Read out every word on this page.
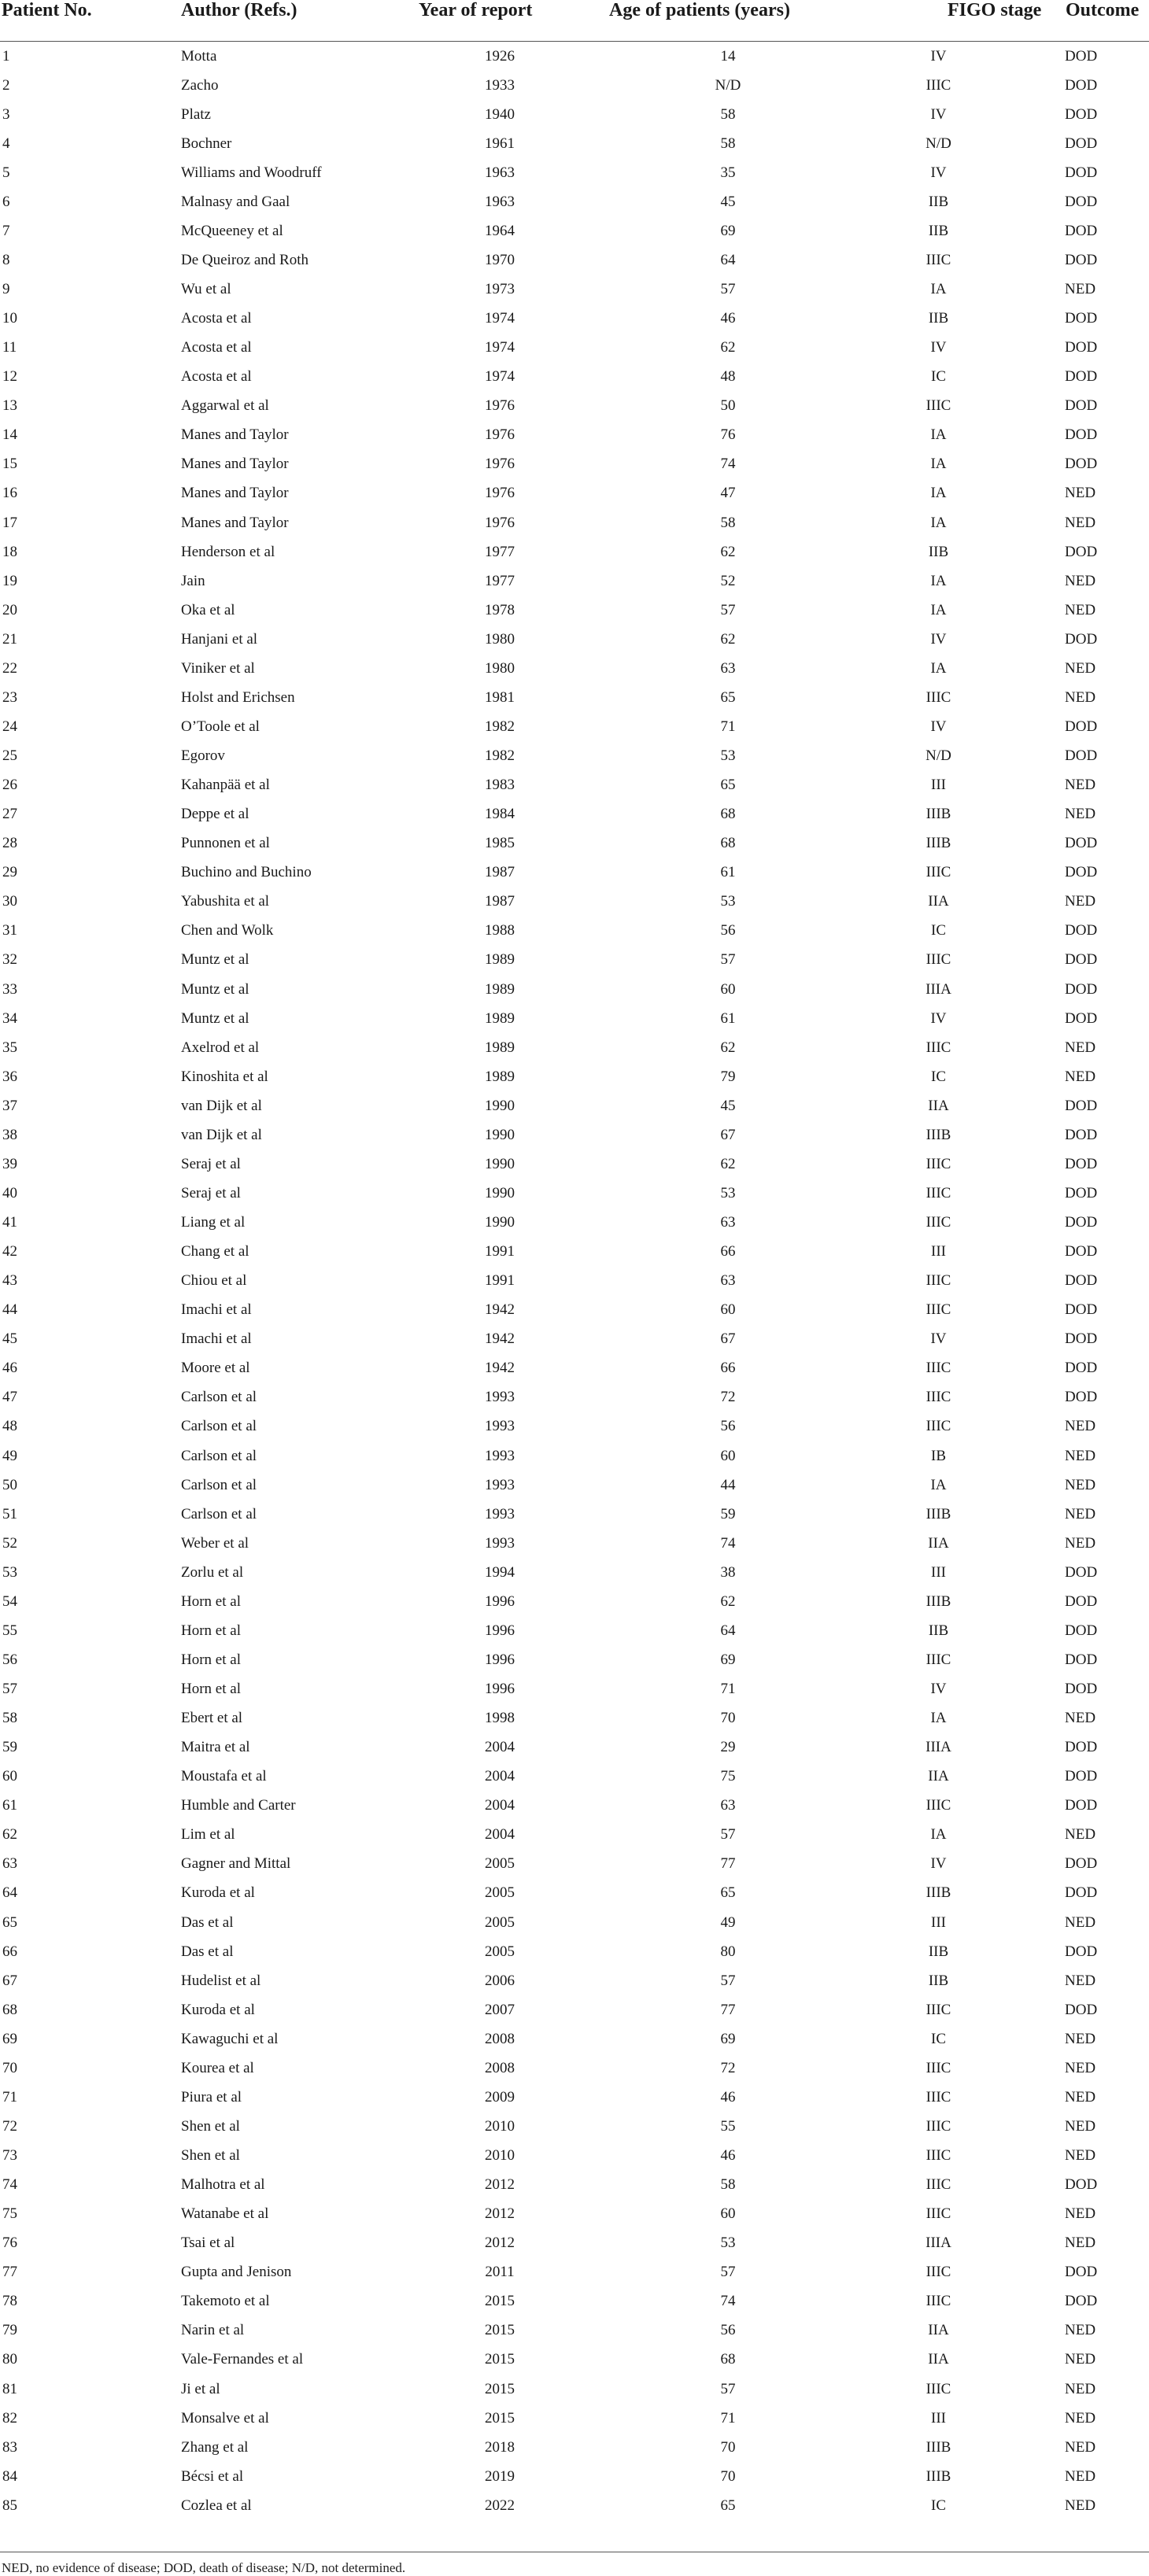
Patient No.	Author (Refs.)	Year of report	Age of patients (years)	FIGO stage	Outcome
1	Motta	1926	14	IV	DOD
2	Zacho	1933	N/D	IIIC	DOD
3	Platz	1940	58	IV	DOD
4	Bochner	1961	58	N/D	DOD
5	Williams and Woodruff	1963	35	IV	DOD
6	Malnasy and Gaal	1963	45	IIB	DOD
7	McQueeney et al	1964	69	IIB	DOD
8	De Queiroz and Roth	1970	64	IIIC	DOD
9	Wu et al	1973	57	IA	NED
10	Acosta et al	1974	46	IIB	DOD
11	Acosta et al	1974	62	IV	DOD
12	Acosta et al	1974	48	IC	DOD
13	Aggarwal et al	1976	50	IIIC	DOD
14	Manes and Taylor	1976	76	IA	DOD
15	Manes and Taylor	1976	74	IA	DOD
16	Manes and Taylor	1976	47	IA	NED
17	Manes and Taylor	1976	58	IA	NED
18	Henderson et al	1977	62	IIB	DOD
19	Jain	1977	52	IA	NED
20	Oka et al	1978	57	IA	NED
21	Hanjani et al	1980	62	IV	DOD
22	Viniker et al	1980	63	IA	NED
23	Holst and Erichsen	1981	65	IIIC	NED
24	O’Toole et al	1982	71	IV	DOD
25	Egorov	1982	53	N/D	DOD
26	Kahanpää et al	1983	65	III	NED
27	Deppe et al	1984	68	IIIB	NED
28	Punnonen et al	1985	68	IIIB	DOD
29	Buchino and Buchino	1987	61	IIIC	DOD
30	Yabushita et al	1987	53	IIA	NED
31	Chen and Wolk	1988	56	IC	DOD
32	Muntz et al	1989	57	IIIC	DOD
33	Muntz et al	1989	60	IIIA	DOD
34	Muntz et al	1989	61	IV	DOD
35	Axelrod et al	1989	62	IIIC	NED
36	Kinoshita et al	1989	79	IC	NED
37	van Dijk et al	1990	45	IIA	DOD
38	van Dijk et al	1990	67	IIIB	DOD
39	Seraj et al	1990	62	IIIC	DOD
40	Seraj et al	1990	53	IIIC	DOD
41	Liang et al	1990	63	IIIC	DOD
42	Chang et al	1991	66	III	DOD
43	Chiou et al	1991	63	IIIC	DOD
44	Imachi et al	1942	60	IIIC	DOD
45	Imachi et al	1942	67	IV	DOD
46	Moore et al	1942	66	IIIC	DOD
47	Carlson et al	1993	72	IIIC	DOD
48	Carlson et al	1993	56	IIIC	NED
49	Carlson et al	1993	60	IB	NED
50	Carlson et al	1993	44	IA	NED
51	Carlson et al	1993	59	IIIB	NED
52	Weber et al	1993	74	IIA	NED
53	Zorlu et al	1994	38	III	DOD
54	Horn et al	1996	62	IIIB	DOD
55	Horn et al	1996	64	IIB	DOD
56	Horn et al	1996	69	IIIC	DOD
57	Horn et al	1996	71	IV	DOD
58	Ebert et al	1998	70	IA	NED
59	Maitra et al	2004	29	IIIA	DOD
60	Moustafa et al	2004	75	IIA	DOD
61	Humble and Carter	2004	63	IIIC	DOD
62	Lim et al	2004	57	IA	NED
63	Gagner and Mittal	2005	77	IV	DOD
64	Kuroda et al	2005	65	IIIB	DOD
65	Das et al	2005	49	III	NED
66	Das et al	2005	80	IIB	DOD
67	Hudelist et al	2006	57	IIB	NED
68	Kuroda et al	2007	77	IIIC	DOD
69	Kawaguchi et al	2008	69	IC	NED
70	Kourea et al	2008	72	IIIC	NED
71	Piura et al	2009	46	IIIC	NED
72	Shen et al	2010	55	IIIC	NED
73	Shen et al	2010	46	IIIC	NED
74	Malhotra et al	2012	58	IIIC	DOD
75	Watanabe et al	2012	60	IIIC	NED
76	Tsai et al	2012	53	IIIA	NED
77	Gupta and Jenison	2011	57	IIIC	DOD
78	Takemoto et al	2015	74	IIIC	DOD
79	Narin et al	2015	56	IIA	NED
80	Vale-Fernandes et al	2015	68	IIA	NED
81	Ji et al	2015	57	IIIC	NED
82	Monsalve et al	2015	71	III	NED
83	Zhang et al	2018	70	IIIB	NED
84	Bécsi et al	2019	70	IIIB	NED
85	Cozlea et al	2022	65	IC	NED
NED, no evidence of disease; DOD, death of disease; N/D, not determined.
